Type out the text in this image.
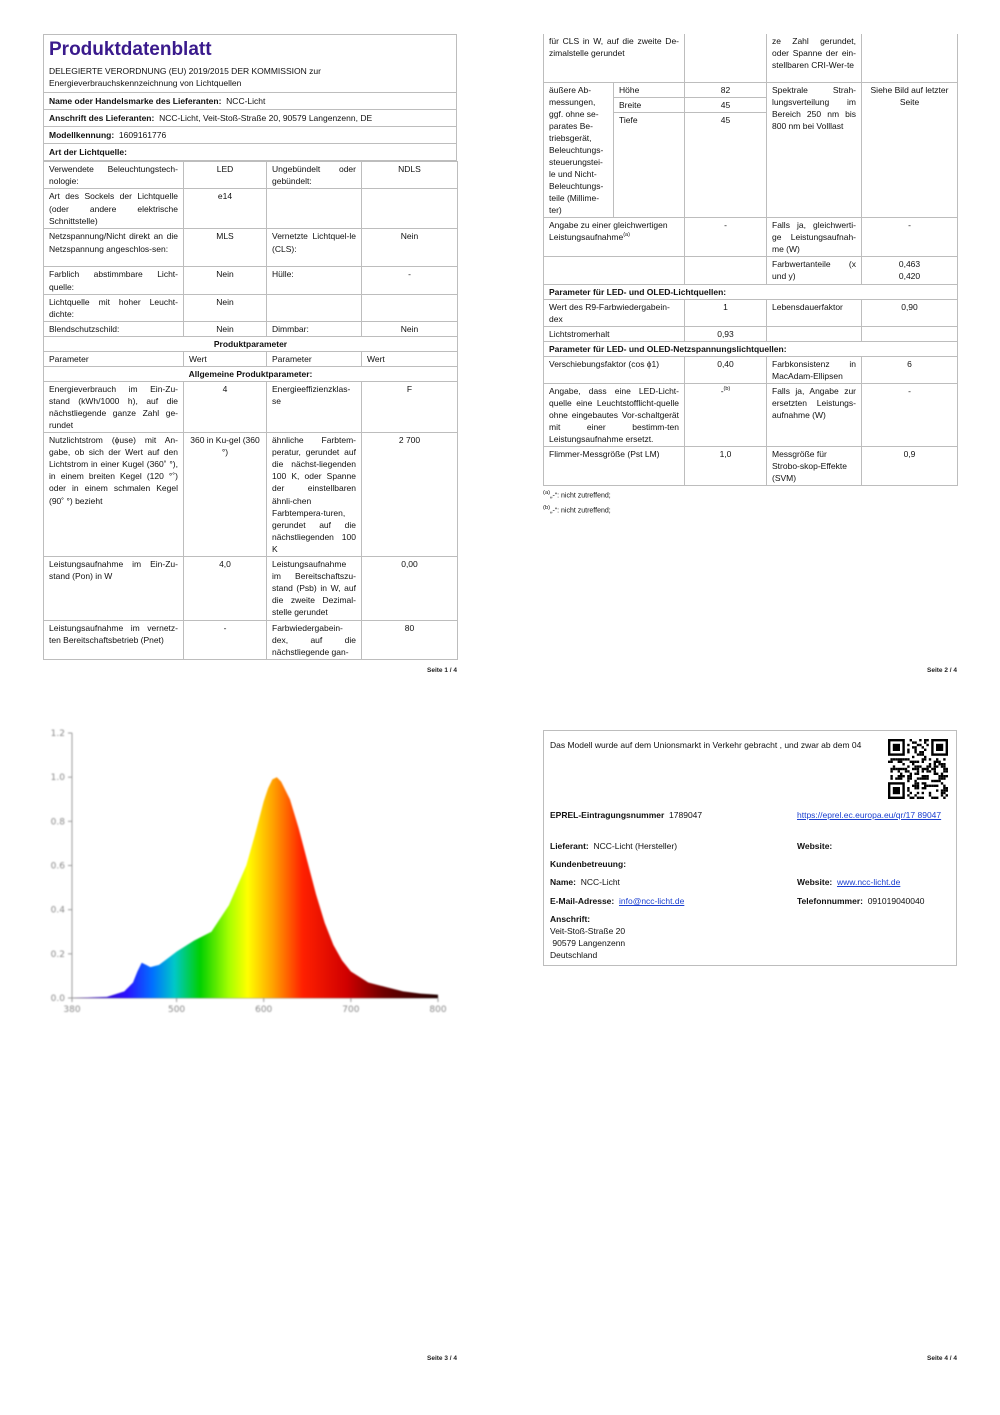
Produktdatenblatt
DELEGIERTE VERORDNUNG (EU) 2019/2015 DER KOMMISSION zur Energieverbrauchskennzeichnung von Lichtquellen
Name oder Handelsmarke des Lieferanten: NCC-Licht
Anschrift des Lieferanten: NCC-Licht, Veit-Stoß-Straße 20, 90579 Langenzenn, DE
Modellkennung: 1609161776
Art der Lichtquelle:
Verwendete Beleuchtungstech-nologie:	LED	Ungebündelt oder gebündelt:	NDLS
Art des Sockels der Lichtquelle (oder andere elektrische Schnittstelle)	e14		
Netzspannung/Nicht direkt an die Netzspannung angeschlos-sen:	MLS	Vernetzte Lichtquel-le (CLS):	Nein
Farblich abstimmbare Licht-quelle:	Nein	Hülle:	-
Lichtquelle mit hoher Leucht-dichte:	Nein		
Blendschutzschild:	Nein	Dimmbar:	Nein
Produktparameter			
Parameter	Wert	Parameter	Wert
Allgemeine Produktparameter:			
Energieverbrauch im Ein-Zu-stand (kWh/1000 h), auf die nächstliegende ganze Zahl ge-rundet	4	Energieeffizienzklas-se	F
Nutzlichtstrom (ϕuse) mit An-gabe, ob sich der Wert auf den Lichtstrom in einer Kugel (360˚ °), in einem breiten Kegel (120 °˚) oder in einem schmalen Kegel (90˚ °) bezieht	360 in Ku-gel (360 °)	ähnliche Farbtem-peratur, gerundet auf die nächst-liegenden 100 K, oder Spanne der einstellbaren ähnli-chen Farbtempera-turen, gerundet auf die nächstliegenden 100 K	2 700
Leistungsaufnahme im Ein-Zu-stand (Pon) in W	4,0	Leistungsaufnahme im Bereitschaftszu-stand (Psb) in W, auf die zweite Dezimal-stelle gerundet	0,00
Leistungsaufnahme im vernetz-ten Bereitschaftsbetrieb (Pnet)	-	Farbwiedergabein-dex, auf die nächstliegende gan-	80
Seite 1 / 4
für CLS in W, auf die zweite De-zimalstelle gerundet			ze Zahl gerundet, oder Spanne der ein-stellbaren CRI-Wer-te	
äußere Ab-messungen, ggf. ohne se-parates Be-triebsgerät, Beleuchtungs-steuerungstei-le und Nicht-Beleuchtungs-teile (Millime-ter)	Höhe	82	Spektrale Strah-lungsverteilung im Bereich 250 nm bis 800 nm bei Volllast	Siehe Bild auf letzter Seite
	Breite	45		
	Tiefe	45		
Angabe zu einer gleichwertigen Leistungsaufnahme$^{(a)}$		-	Falls ja, gleichwerti-ge Leistungsaufnah-me (W)	-
			Farbwertanteile (x und y)	0,463
0,420

Parameter für LED- und OLED-Lichtquellen:				
Wert des R9-Farbwiedergabein-dex		1	Lebensdauerfaktor	0,90
Lichtstromerhalt		0,93		
Parameter für LED- und OLED-Netzspannungslichtquellen:				
Verschiebungsfaktor (cos ϕ1)		0,40	Farbkonsistenz in MacAdam-Ellipsen	6
Angabe, dass eine LED-Licht-quelle eine Leuchtstofflicht-quelle ohne eingebautes Vor-schaltgerät mit einer bestimm-ten Leistungsaufnahme ersetzt.		-$^{(b)}$	Falls ja, Angabe zur ersetzten Leistungs-aufnahme (W)	-
Flimmer-Messgröße (Pst LM)		1,0	Messgröße für Strobo-skop-Effekte (SVM)	0,9
$^{(a)}$„-“: nicht zutreffend;
$^{(b)}$„-“: nicht zutreffend;
Seite 2 / 4
0.0
0.2
0.4
0.6
0.8
1.0
1.2
380	500	600	700	800
Seite 3 / 4
Das Modell wurde auf dem Unionsmarkt in Verkehr gebracht , und zwar ab dem 04
EPREL-Eintragungsnummer 1789047	https://eprel.ec.europa.eu/qr/17 89047
Lieferant: NCC-Licht (Hersteller)	Website:
Kundenbetreuung:
Name: NCC-Licht	Website: www.ncc-licht.de
E-Mail-Adresse: info@ncc-licht.de	Telefonnummer: 091019040040
Anschrift:
Veit-Stoß-Straße 20
90579 Langenzenn
Deutschland
Seite 4 / 4
